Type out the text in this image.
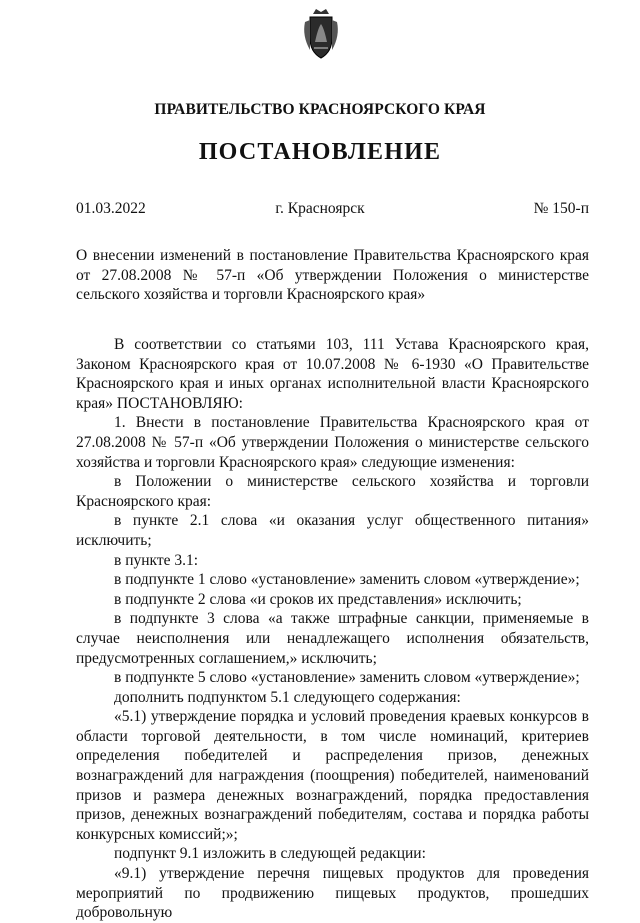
ПРАВИТЕЛЬСТВО КРАСНОЯРСКОГО КРАЯ
ПОСТАНОВЛЕНИЕ
01.03.2022	г. Красноярск	№ 150-п
О внесении изменений в постановление Правительства Красноярского края от 27.08.2008 № 57-п «Об утверждении Положения о министерстве сельского хозяйства и торговли Красноярского края»

В соответствии со статьями 103, 111 Устава Красноярского края, Законом Красноярского края от 10.07.2008 № 6-1930 «О Правительстве Красноярского края и иных органах исполнительной власти Красноярского края» ПОСТАНОВЛЯЮ:

1. Внести в постановление Правительства Красноярского края от 27.08.2008 № 57-п «Об утверждении Положения о министерстве сельского хозяйства и торговли Красноярского края» следующие изменения:

в Положении о министерстве сельского хозяйства и торговли Красноярского края:

в пункте 2.1 слова «и оказания услуг общественного питания» исключить;

в пункте 3.1:

в подпункте 1 слово «установление» заменить словом «утверждение»;

в подпункте 2 слова «и сроков их представления» исключить;

в подпункте 3 слова «а также штрафные санкции, применяемые в случае неисполнения или ненадлежащего исполнения обязательств, предусмотренных соглашением,» исключить;

в подпункте 5 слово «установление» заменить словом «утверждение»;

дополнить подпунктом 5.1 следующего содержания:

«5.1) утверждение порядка и условий проведения краевых конкурсов в области торговой деятельности, в том числе номинаций, критериев определения победителей и распределения призов, денежных вознаграждений для награждения (поощрения) победителей, наименований призов и размера денежных вознаграждений, порядка предоставления призов, денежных вознаграждений победителям, состава и порядка работы конкурсных комиссий;»;

подпункт 9.1 изложить в следующей редакции:

«9.1) утверждение перечня пищевых продуктов для проведения мероприятий по продвижению пищевых продуктов, прошедших добровольную
